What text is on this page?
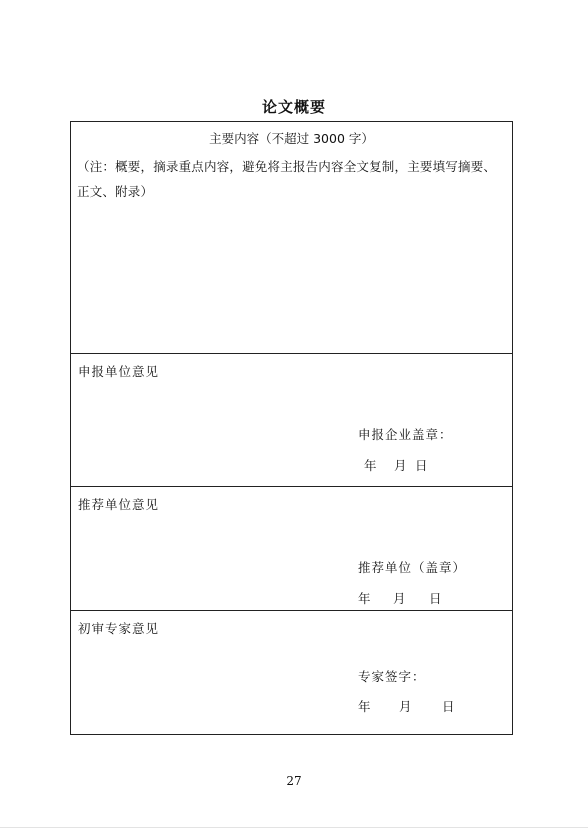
论文概要
主要内容（不超过 3000 字）
（注：概要，摘录重点内容，避免将主报告内容全文复制，主要填写摘要、正文、附录）
申报单位意见
申报企业盖章：
年 月 日
推荐单位意见
推荐单位（盖章）
年 月 日
初审专家意见
专家签字：
年 月 日
27
